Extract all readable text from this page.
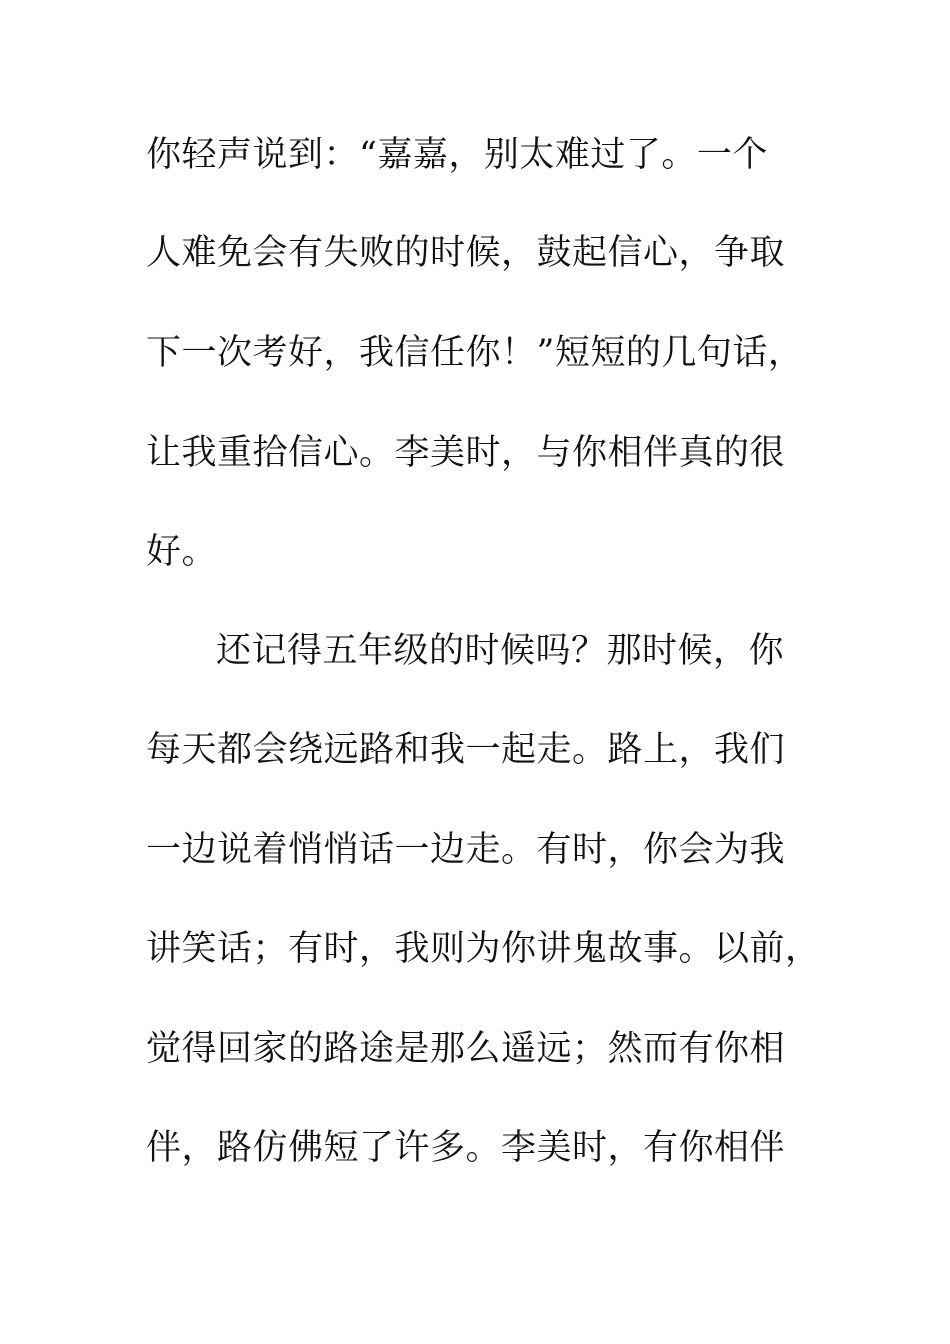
你轻声说到：“嘉嘉，别太难过了。一个
人难免会有失败的时候，鼓起信心，争取
下一次考好，我信任你！”短短的几句话，
让我重拾信心。李美时，与你相伴真的很
好。
还记得五年级的时候吗？那时候，你
每天都会绕远路和我一起走。路上，我们
一边说着悄悄话一边走。有时，你会为我
讲笑话；有时，我则为你讲鬼故事。以前，
觉得回家的路途是那么遥远；然而有你相
伴，路仿佛短了许多。李美时，有你相伴
